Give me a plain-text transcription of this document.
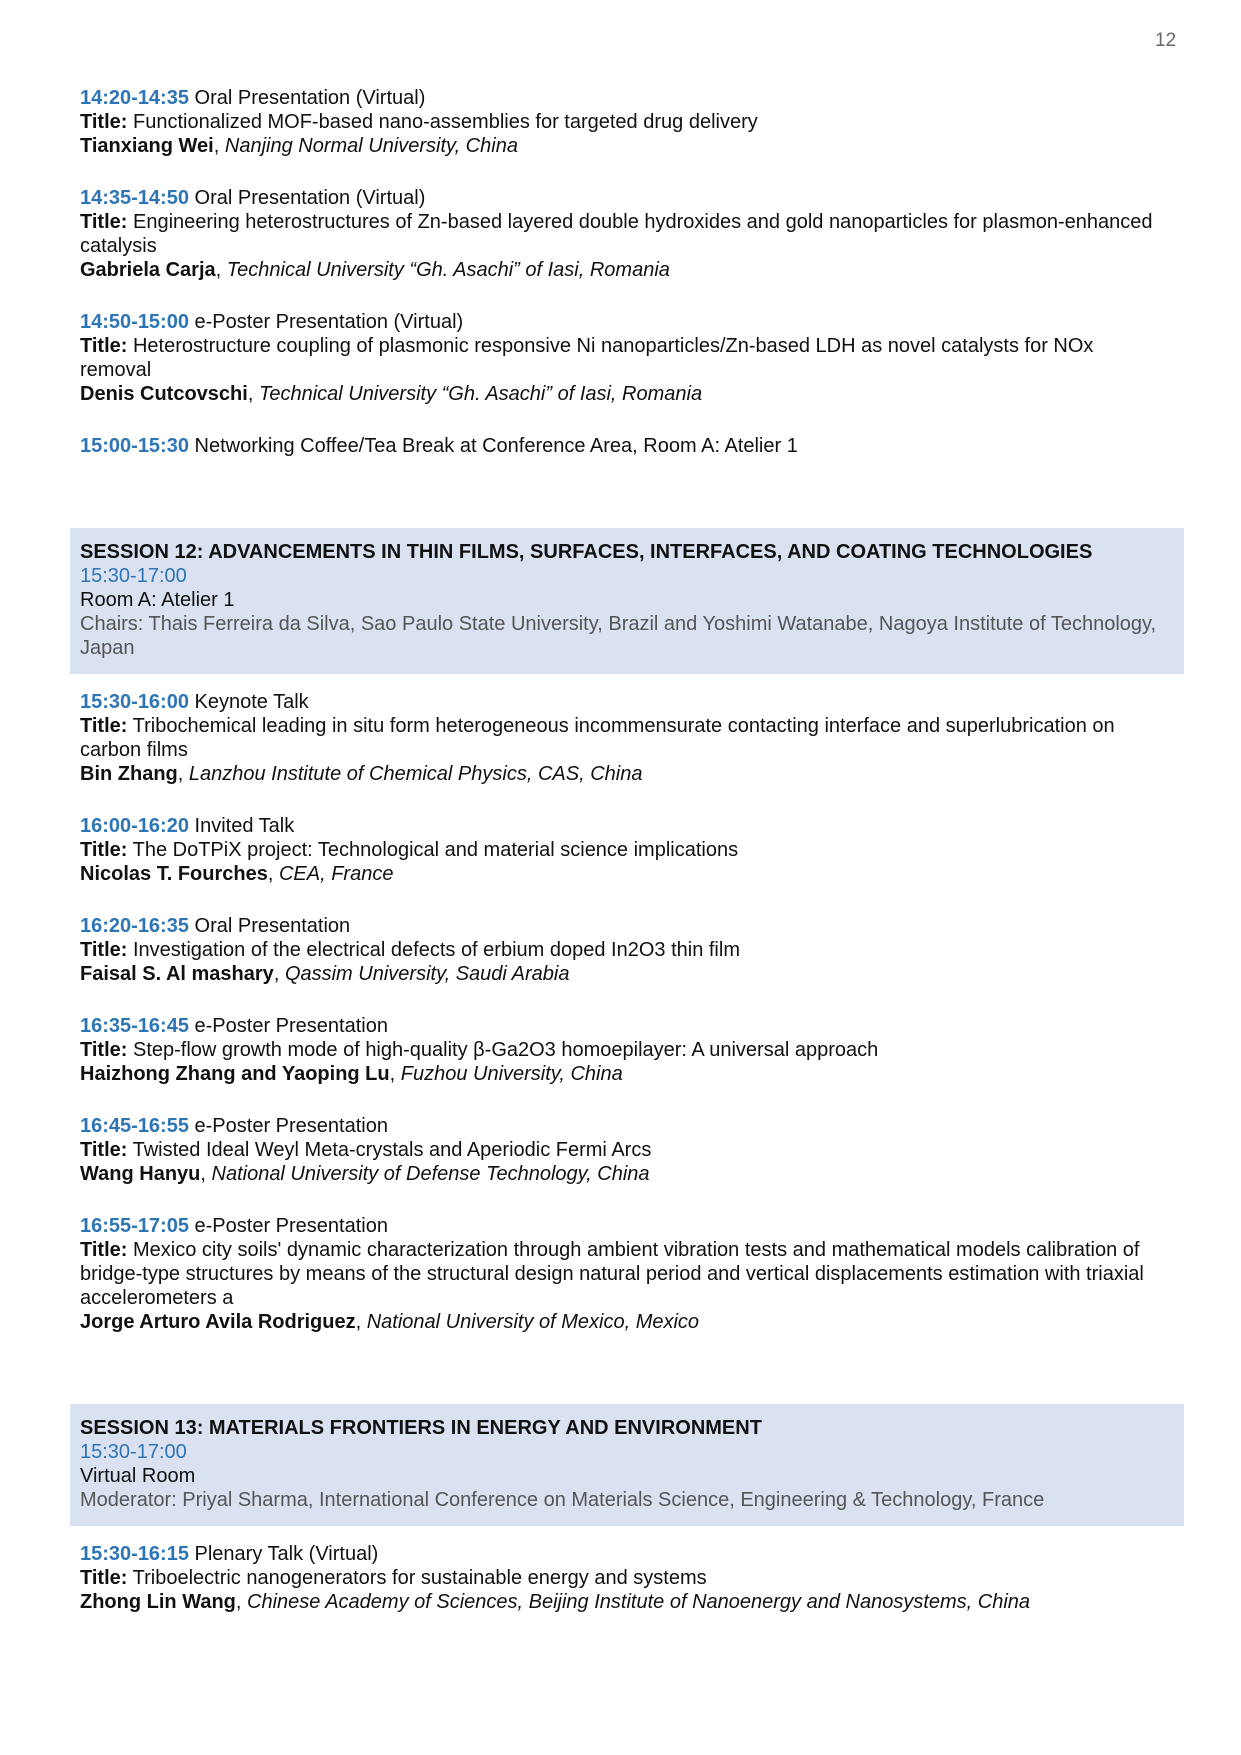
12
14:20-14:35 Oral Presentation (Virtual)
Title: Functionalized MOF-based nano-assemblies for targeted drug delivery
Tianxiang Wei, Nanjing Normal University, China
14:35-14:50 Oral Presentation (Virtual)
Title: Engineering heterostructures of Zn-based layered double hydroxides and gold nanoparticles for plasmon-enhanced catalysis
Gabriela Carja, Technical University “Gh. Asachi” of Iasi, Romania
14:50-15:00 e-Poster Presentation (Virtual)
Title: Heterostructure coupling of plasmonic responsive Ni nanoparticles/Zn-based LDH as novel catalysts for NOx removal
Denis Cutcovschi, Technical University “Gh. Asachi” of Iasi, Romania
15:00-15:30 Networking Coffee/Tea Break at Conference Area, Room A: Atelier 1
SESSION 12: ADVANCEMENTS IN THIN FILMS, SURFACES, INTERFACES, AND COATING TECHNOLOGIES
15:30-17:00
Room A: Atelier 1
Chairs: Thais Ferreira da Silva, Sao Paulo State University, Brazil and Yoshimi Watanabe, Nagoya Institute of Technology, Japan
15:30-16:00 Keynote Talk
Title: Tribochemical leading in situ form heterogeneous incommensurate contacting interface and superlubrication on carbon films
Bin Zhang, Lanzhou Institute of Chemical Physics, CAS, China
16:00-16:20 Invited Talk
Title: The DoTPiX project: Technological and material science implications
Nicolas T. Fourches, CEA, France
16:20-16:35 Oral Presentation
Title: Investigation of the electrical defects of erbium doped In2O3 thin film
Faisal S. Al mashary, Qassim University, Saudi Arabia
16:35-16:45 e-Poster Presentation
Title: Step-flow growth mode of high-quality β-Ga2O3 homoepilayer: A universal approach
Haizhong Zhang and Yaoping Lu, Fuzhou University, China
16:45-16:55 e-Poster Presentation
Title: Twisted Ideal Weyl Meta-crystals and Aperiodic Fermi Arcs
Wang Hanyu, National University of Defense Technology, China
16:55-17:05 e-Poster Presentation
Title: Mexico city soils' dynamic characterization through ambient vibration tests and mathematical models calibration of bridge-type structures by means of the structural design natural period and vertical displacements estimation with triaxial accelerometers a
Jorge Arturo Avila Rodriguez, National University of Mexico, Mexico
SESSION 13: MATERIALS FRONTIERS IN ENERGY AND ENVIRONMENT
15:30-17:00
Virtual Room
Moderator: Priyal Sharma, International Conference on Materials Science, Engineering & Technology, France
15:30-16:15 Plenary Talk (Virtual)
Title: Triboelectric nanogenerators for sustainable energy and systems
Zhong Lin Wang, Chinese Academy of Sciences, Beijing Institute of Nanoenergy and Nanosystems, China
